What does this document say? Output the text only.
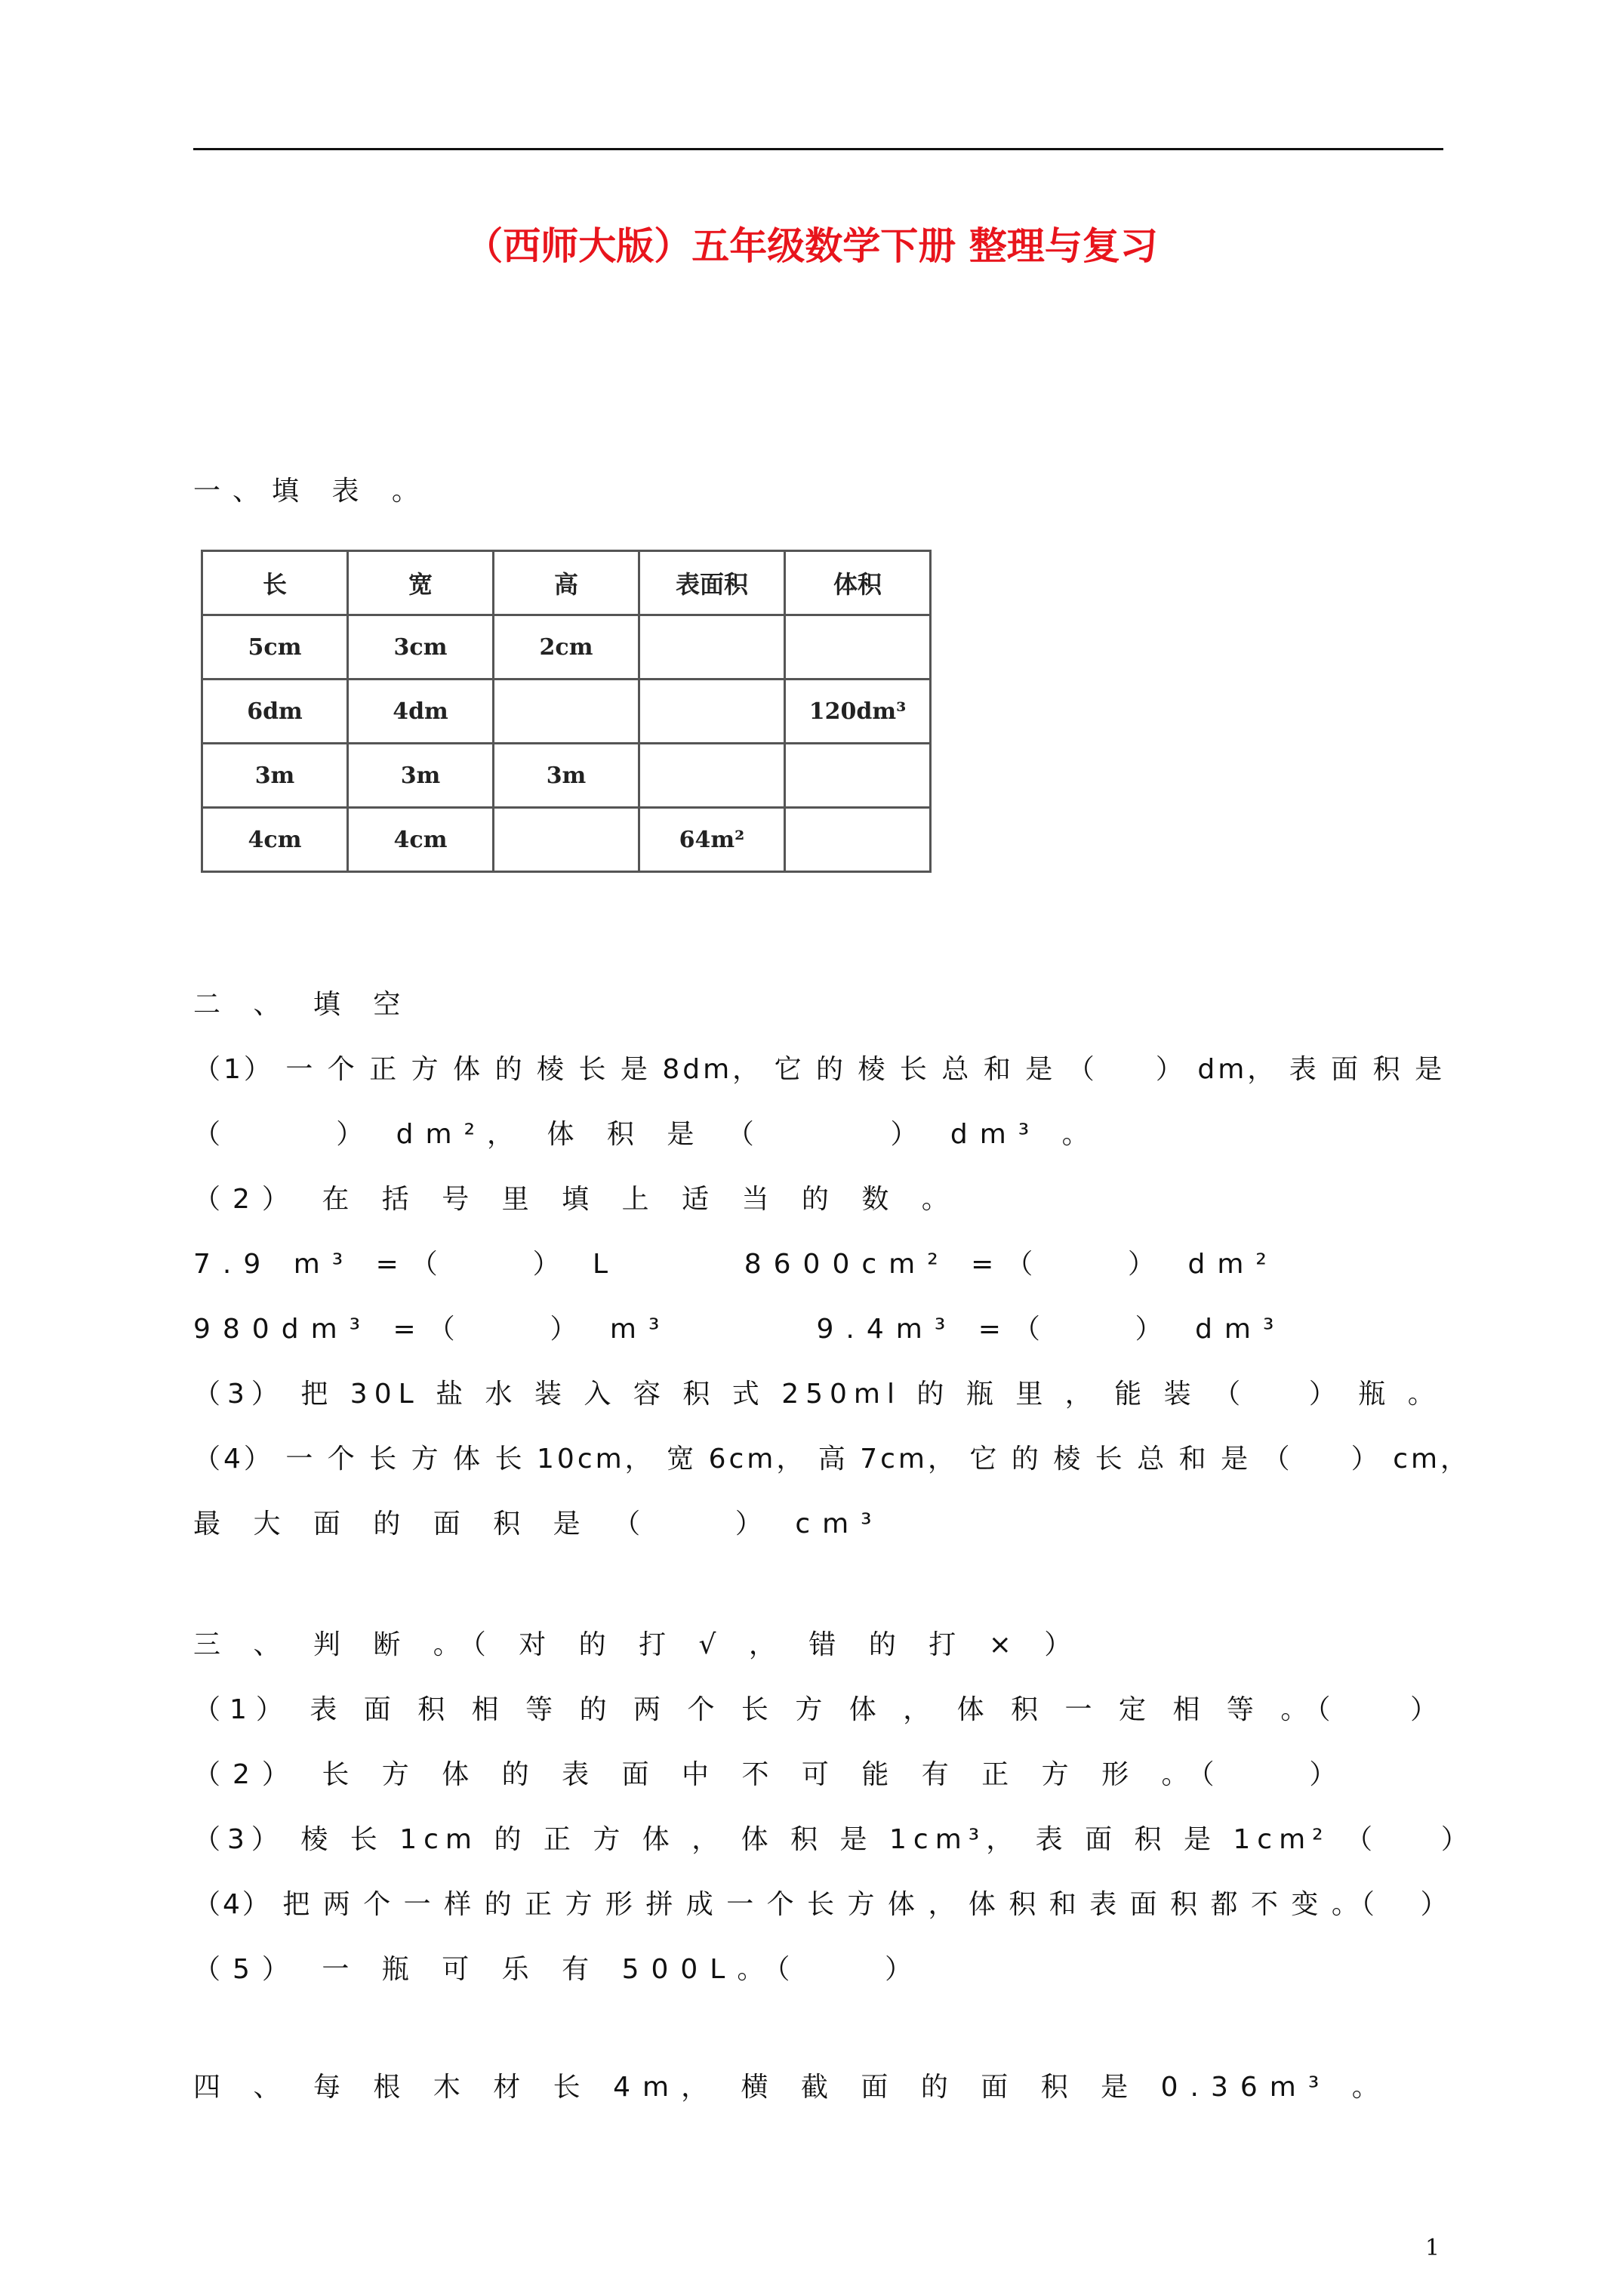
（西师大版）五年级数学下册 整理与复习
一、填 表 。
长	宽	高	表面积	体积
5cm	3cm	2cm		
6dm	4dm			120dm³
3m	3m	3m		
4cm	4cm		64m²	
二 、 填 空
（1） 一 个 正 方 体 的 棱 长 是 8dm， 它 的 棱 长 总 和 是 （     ） dm， 表 面 积 是
（     ） dm²， 体 积 是 （      ） dm³ 。
（2） 在 括 号 里 填 上 适 当 的 数 。
7.9 m³ =（    ） L      8600cm² =（    ） dm²
980dm³ =（    ） m³       9.4m³ =（    ） dm³
（3） 把 30L 盐 水 装 入 容 积 式 250ml 的 瓶 里 ， 能 装 （    ） 瓶 。
（4） 一 个 长 方 体 长 10cm， 宽 6cm， 高 7cm， 它 的 棱 长 总 和 是 （     ） cm，
最 大 面 的 面 积 是 （    ） cm³
三 、 判 断 。（ 对 的 打 √ ， 错 的 打 × ）
（1） 表 面 积 相 等 的 两 个 长 方 体 ， 体 积 一 定 相 等 。（    ）
（2） 长 方 体 的 表 面 中 不 可 能 有 正 方 形 。（    ）
（3） 棱 长 1cm 的 正 方 体 ， 体 积 是 1cm³， 表 面 积 是 1cm² （    ）
（4） 把 两 个 一 样 的 正 方 形 拼 成 一 个 长 方 体 ， 体 积 和 表 面 积 都 不 变 。（    ）
（5） 一 瓶 可 乐 有 500L。（    ）
四 、 每 根 木 材 长 4m， 横 截 面 的 面 积 是 0.36m³ 。
1
